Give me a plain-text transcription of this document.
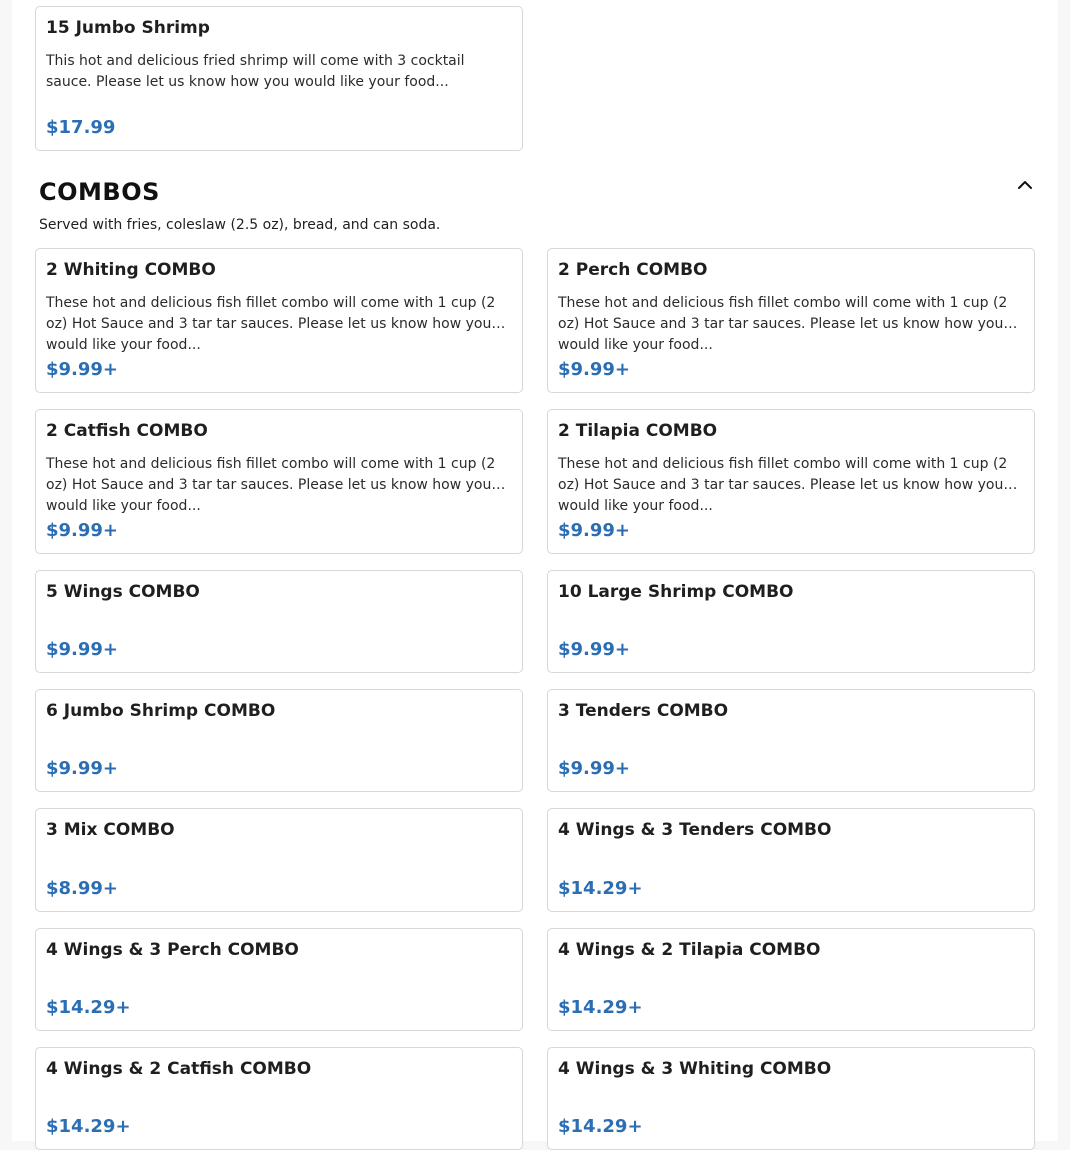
15 Jumbo Shrimp
This hot and delicious fried shrimp will come with 3 cocktail sauce. Please let us know how you would like your food...
$17.99
COMBOS
Served with fries, coleslaw (2.5 oz), bread, and can soda.
2 Whiting COMBO
These hot and delicious fish fillet combo will come with 1 cup (2 oz) Hot Sauce and 3 tar tar sauces. Please let us know how you would like your food...
$9.99+
2 Perch COMBO
These hot and delicious fish fillet combo will come with 1 cup (2 oz) Hot Sauce and 3 tar tar sauces. Please let us know how you would like your food...
$9.99+
2 Catfish COMBO
These hot and delicious fish fillet combo will come with 1 cup (2 oz) Hot Sauce and 3 tar tar sauces. Please let us know how you would like your food...
$9.99+
2 Tilapia COMBO
These hot and delicious fish fillet combo will come with 1 cup (2 oz) Hot Sauce and 3 tar tar sauces. Please let us know how you would like your food...
$9.99+
5 Wings COMBO
$9.99+
10 Large Shrimp COMBO
$9.99+
6 Jumbo Shrimp COMBO
$9.99+
3 Tenders COMBO
$9.99+
3 Mix COMBO
$8.99+
4 Wings & 3 Tenders COMBO
$14.29+
4 Wings & 3 Perch COMBO
$14.29+
4 Wings & 2 Tilapia COMBO
$14.29+
4 Wings & 2 Catfish COMBO
$14.29+
4 Wings & 3 Whiting COMBO
$14.29+
